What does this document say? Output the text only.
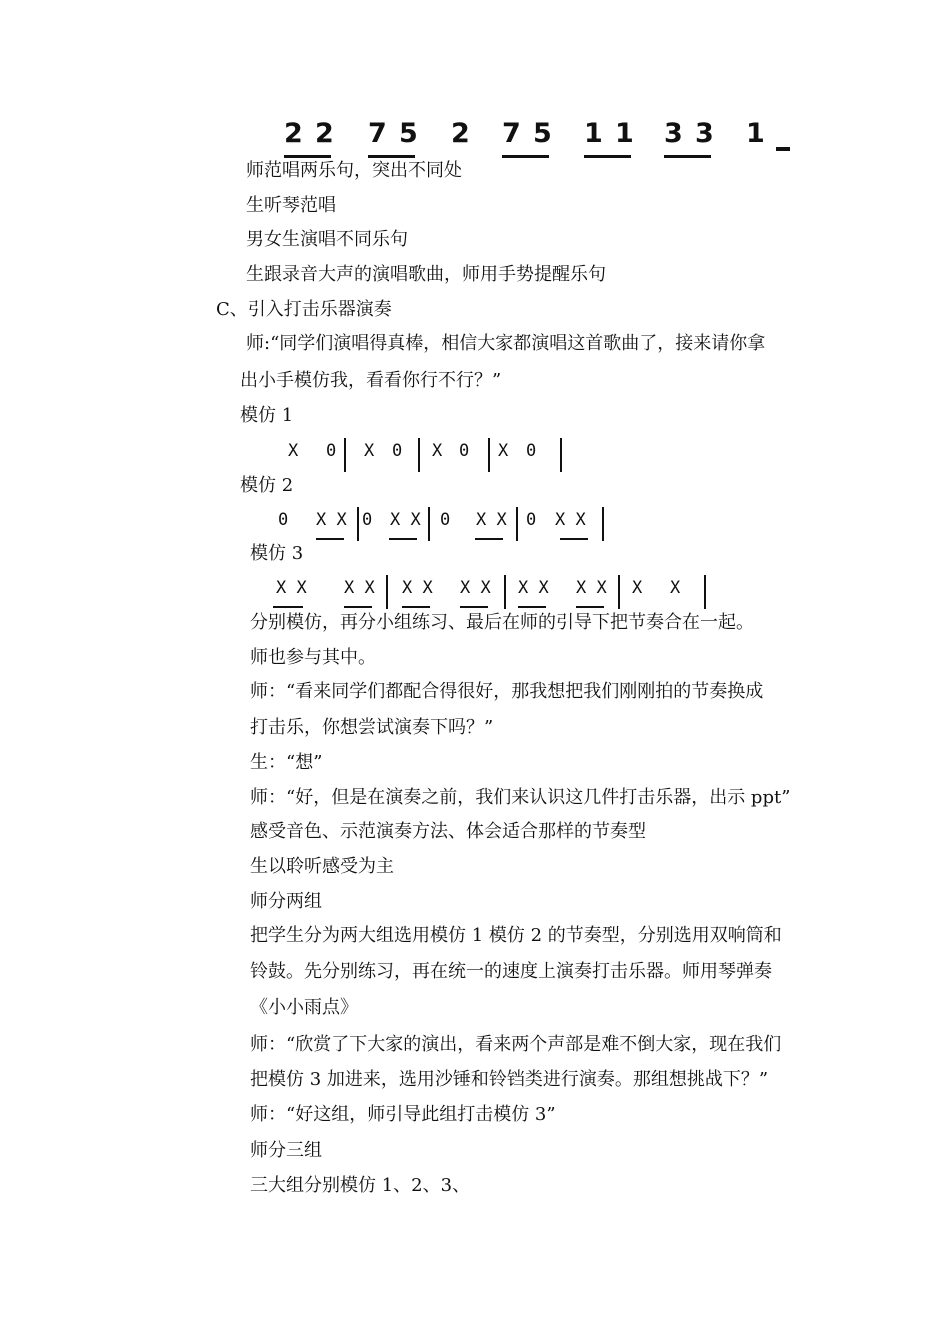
2 2 7 5 2 7 5 1 1 3 3 1
师范唱两乐句，突出不同处
生听琴范唱
男女生演唱不同乐句
生跟录音大声的演唱歌曲，师用手势提醒乐句
C、引入打击乐器演奏
师:“同学们演唱得真棒，相信大家都演唱这首歌曲了，接来请你拿
出小手模仿我，看看你行不行？”
模仿 1
X 0 X 0 X 0 X 0
模仿 2
0 X X 0 X X 0 X X 0 X X
模仿 3
X X X X X X X X X X X X X X
分别模仿，再分小组练习、最后在师的引导下把节奏合在一起。
师也参与其中。
师：“看来同学们都配合得很好，那我想把我们刚刚拍的节奏换成
打击乐，你想尝试演奏下吗？”
生：“想”
师：“好，但是在演奏之前，我们来认识这几件打击乐器，出示 ppt”
感受音色、示范演奏方法、体会适合那样的节奏型
生以聆听感受为主
师分两组
把学生分为两大组选用模仿 1 模仿 2 的节奏型，分别选用双响筒和
铃鼓。先分别练习，再在统一的速度上演奏打击乐器。师用琴弹奏
《小小雨点》
师：“欣赏了下大家的演出，看来两个声部是难不倒大家，现在我们
把模仿 3 加进来，选用沙锤和铃铛类进行演奏。那组想挑战下？”
师：“好这组，师引导此组打击模仿 3”
师分三组
三大组分别模仿 1、2、3、
